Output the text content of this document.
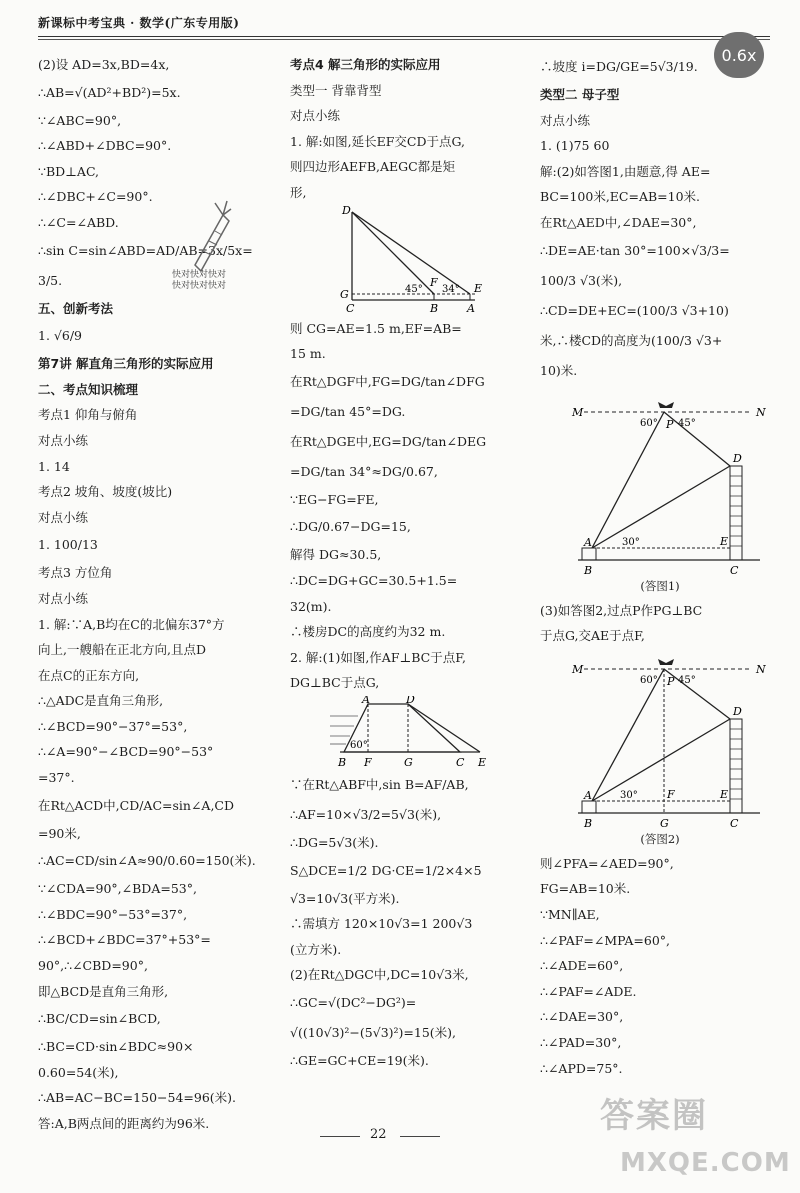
新课标中考宝典 · 数学(广东专用版)
0.6x
(2)设 AD=3x,BD=4x,
∴AB=√(AD²+BD²)=5x.
∵∠ABC=90°,
∴∠ABD+∠DBC=90°.
∵BD⊥AC,
∴∠DBC+∠C=90°.
∴∠C=∠ABD.
∴sin C=sin∠ABD=AD/AB=3x/5x=
3/5.
五、创新考法
1. √6/9
第7讲 解直角三角形的实际应用
二、考点知识梳理
考点1 仰角与俯角
对点小练
1. 14
考点2 坡角、坡度(坡比)
对点小练
1. 100/13
考点3 方位角
对点小练
1. 解:∵A,B均在C的北偏东37°方
向上,一艘船在正北方向,且点D
在点C的正东方向,
∴△ADC是直角三角形,
∴∠BCD=90°−37°=53°,
∴∠A=90°−∠BCD=90°−53°
=37°.
在Rt△ACD中,CD/AC=sin∠A,CD
=90米,
∴AC=CD/sin∠A≈90/0.60=150(米).
∵∠CDA=90°,∠BDA=53°,
∴∠BDC=90°−53°=37°,
∴∠BCD+∠BDC=37°+53°=
90°,∴∠CBD=90°,
即△BCD是直角三角形,
∴BC/CD=sin∠BCD,
∴BC=CD·sin∠BDC≈90×
0.60=54(米),
∴AB=AC−BC=150−54=96(米).
答:A,B两点间的距离约为96米.
快对快对快对
快对快对快对
考点4 解三角形的实际应用
类型一 背靠背型
对点小练
1. 解:如图,延长EF交CD于点G,
则四边形AEFB,AEGC都是矩
形,
D
G
F	E
C	B	A
45° 34°
则 CG=AE=1.5 m,EF=AB=
15 m.
在Rt△DGF中,FG=DG/tan∠DFG
=DG/tan 45°=DG.
在Rt△DGE中,EG=DG/tan∠DEG
=DG/tan 34°≈DG/0.67,
∵EG−FG=FE,
∴DG/0.67−DG=15,
解得 DG≈30.5,
∴DC=DG+GC=30.5+1.5=
32(m).
∴楼房DC的高度约为32 m.
2. 解:(1)如图,作AF⊥BC于点F,
DG⊥BC于点G,
A	D
B F	G	C E
60°
∵在Rt△ABF中,sin B=AF/AB,
∴AF=10×√3/2=5√3(米),
∴DG=5√3(米).
S△DCE=1/2 DG·CE=1/2×4×5
√3=10√3(平方米).
∴需填方 120×10√3=1 200√3
(立方米).
(2)在Rt△DGC中,DC=10√3米,
∴GC=√(DC²−DG²)=
√((10√3)²−(5√3)²)=15(米),
∴GE=GC+CE=19(米).
∴坡度 i=DG/GE=5√3/19.
类型二 母子型
对点小练
1. (1)75 60
解:(2)如答图1,由题意,得 AE=
BC=100米,EC=AB=10米.
在Rt△AED中,∠DAE=30°,
∴DE=AE·tan 30°=100×√3/3=
100/3 √3(米),
∴CD=DE+EC=(100/3 √3+10)
米,∴楼CD的高度为(100/3 √3+
10)米.
M	N
P
60° 45°
D
A	E
30°
B	C
(答图1)
(3)如答图2,过点P作PG⊥BC
于点G,交AE于点F,
M	N
P
60° 45°
D
A	F	E
30°
B	G	C
(答图2)
则∠PFA=∠AED=90°,
FG=AB=10米.
∵MN∥AE,
∴∠PAF=∠MPA=60°,
∴∠ADE=60°,
∴∠PAF=∠ADE.
∴∠DAE=30°,
∴∠PAD=30°,
∴∠APD=75°.
22	答案圈
MXQE.COM
